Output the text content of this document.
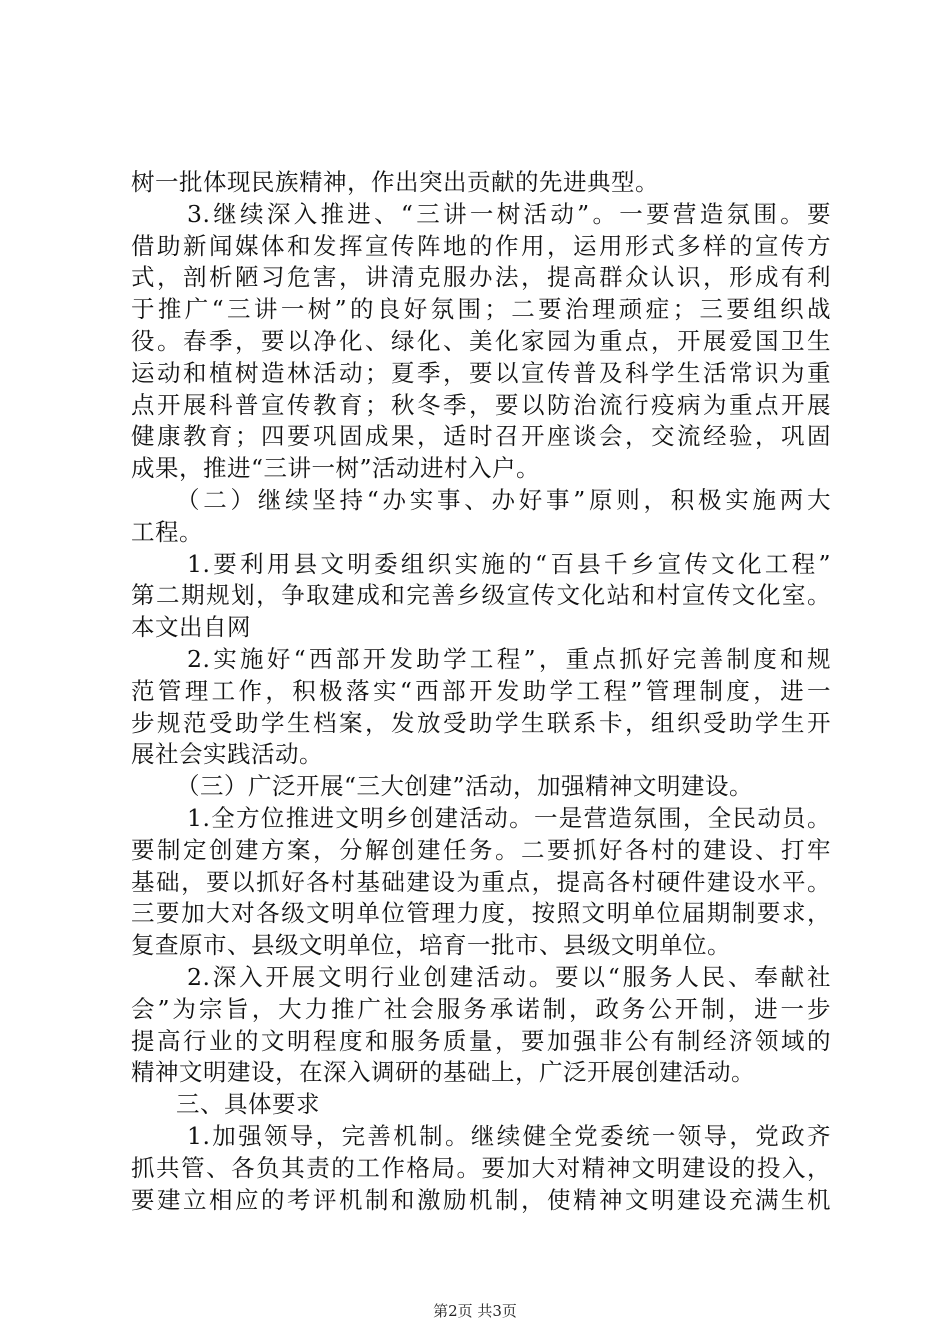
树一批体现民族精神，作出突出贡献的先进典型。
3.继续深入推进、“三讲一树活动”。一要营造氛围。要
借助新闻媒体和发挥宣传阵地的作用，运用形式多样的宣传方
式，剖析陋习危害，讲清克服办法，提高群众认识，形成有利
于推广“三讲一树”的良好氛围；二要治理顽症；三要组织战
役。春季，要以净化、绿化、美化家园为重点，开展爱国卫生
运动和植树造林活动；夏季，要以宣传普及科学生活常识为重
点开展科普宣传教育；秋冬季，要以防治流行疫病为重点开展
健康教育；四要巩固成果，适时召开座谈会，交流经验，巩固
成果，推进“三讲一树”活动进村入户。
（二）继续坚持“办实事、办好事”原则，积极实施两大
工程。
1.要利用县文明委组织实施的“百县千乡宣传文化工程”
第二期规划，争取建成和完善乡级宣传文化站和村宣传文化室。
本文出自网
2.实施好“西部开发助学工程”，重点抓好完善制度和规
范管理工作，积极落实“西部开发助学工程”管理制度，进一
步规范受助学生档案，发放受助学生联系卡，组织受助学生开
展社会实践活动。
（三）广泛开展“三大创建”活动，加强精神文明建设。
1.全方位推进文明乡创建活动。一是营造氛围，全民动员。
要制定创建方案，分解创建任务。二要抓好各村的建设、打牢
基础，要以抓好各村基础建设为重点，提高各村硬件建设水平。
三要加大对各级文明单位管理力度，按照文明单位届期制要求，
复查原市、县级文明单位，培育一批市、县级文明单位。
2.深入开展文明行业创建活动。要以“服务人民、奉献社
会”为宗旨，大力推广社会服务承诺制，政务公开制，进一步
提高行业的文明程度和服务质量，要加强非公有制经济领域的
精神文明建设，在深入调研的基础上，广泛开展创建活动。
三、具体要求
1.加强领导，完善机制。继续健全党委统一领导，党政齐
抓共管、各负其责的工作格局。要加大对精神文明建设的投入，
要建立相应的考评机制和激励机制，使精神文明建设充满生机
第2页 共3页
